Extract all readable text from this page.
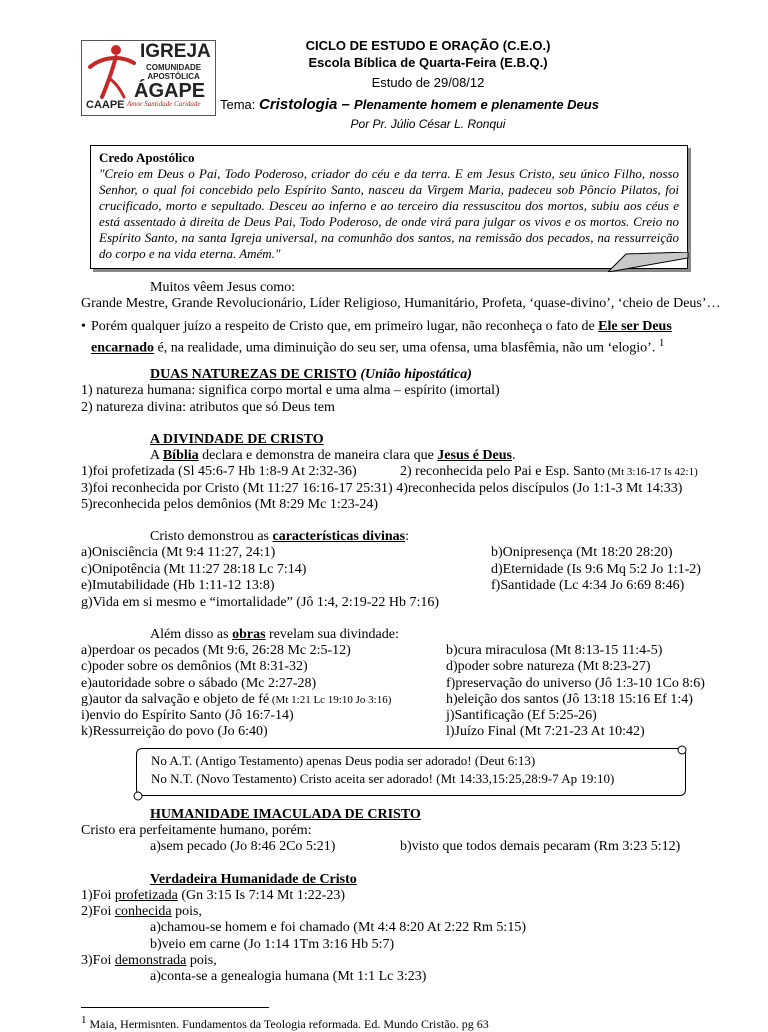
IGREJA
COMUNIDADE
APOSTÓLICA
ÁGAPE
CAAPE Amor Santidade Caridade
CICLO DE ESTUDO E ORAÇÃO (C.E.O.)
Escola Bíblica de Quarta-Feira (E.B.Q.)
Estudo de 29/08/12
Tema: Cristologia – Plenamente homem e plenamente Deus
Por Pr. Júlio César L. Ronqui
Credo Apostólico
"Creio em Deus o Pai, Todo Poderoso, criador do céu e da terra. E em Jesus Cristo, seu único Filho, nosso Senhor, o qual foi concebido pelo Espírito Santo, nasceu da Virgem Maria, padeceu sob Pôncio Pilatos, foi crucificado, morto e sepultado. Desceu ao inferno e ao terceiro dia ressuscitou dos mortos, subiu aos céus e está assentado à direita de Deus Pai, Todo Poderoso, de onde virá para julgar os vivos e os mortos. Creio no Espírito Santo, na santa Igreja universal, na comunhão dos santos, na remissão dos pecados, na ressurreição do corpo e na vida eterna. Amém."
Muitos vêem Jesus como:
Grande Mestre, Grande Revolucionário, Líder Religioso, Humanitário, Profeta, ‘quase-divino’, ‘cheio de Deus’…
• Porém qualquer juízo a respeito de Cristo que, em primeiro lugar, não reconheça o fato de Ele ser Deus
encarnado é, na realidade, uma diminuição do seu ser, uma ofensa, uma blasfêmia, não um ‘elogio’. $^1$
DUAS NATUREZAS DE CRISTO (União hipostática)
1) natureza humana: significa corpo mortal e uma alma – espírito (imortal)
2) natureza divina: atributos que só Deus tem
A DIVINDADE DE CRISTO
A Bíblia declara e demonstra de maneira clara que Jesus é Deus.
1)foi profetizada (Sl 45:6-7 Hb 1:8-9 At 2:32-36)	2) reconhecida pelo Pai e Esp. Santo (Mt 3:16-17 Is 42:1)
3)foi reconhecida por Cristo (Mt 11:27 16:16-17 25:31) 4)reconhecida pelos discípulos (Jo 1:1-3 Mt 14:33)
5)reconhecida pelos demônios (Mt 8:29 Mc 1:23-24)
Cristo demonstrou as características divinas:
a)Onisciência (Mt 9:4 11:27, 24:1)	b)Onipresença (Mt 18:20 28:20)
c)Onipotência (Mt 11:27 28:18 Lc 7:14)	d)Eternidade (Is 9:6 Mq 5:2 Jo 1:1-2)
e)Imutabilidade (Hb 1:11-12 13:8)	f)Santidade (Lc 4:34 Jo 6:69 8:46)
g)Vida em si mesmo e “imortalidade” (Jô 1:4, 2:19-22 Hb 7:16)
Além disso as obras revelam sua divindade:
a)perdoar os pecados (Mt 9:6, 26:28 Mc 2:5-12)	b)cura miraculosa (Mt 8:13-15 11:4-5)
c)poder sobre os demônios (Mt 8:31-32)	d)poder sobre natureza (Mt 8:23-27)
e)autoridade sobre o sábado (Mc 2:27-28)	f)preservação do universo (Jô 1:3-10 1Co 8:6)
g)autor da salvação e objeto de fé (Mt 1:21 Lc 19:10 Jo 3:16)	h)eleição dos santos (Jô 13:18 15:16 Ef 1:4)
i)envio do Espírito Santo (Jô 16:7-14)	j)Santificação (Ef 5:25-26)
k)Ressurreição do povo (Jo 6:40)	l)Juízo Final (Mt 7:21-23 At 10:42)
No A.T. (Antigo Testamento) apenas Deus podia ser adorado! (Deut 6:13)
No N.T. (Novo Testamento) Cristo aceita ser adorado! (Mt 14:33,15:25,28:9-7 Ap 19:10)
HUMANIDADE IMACULADA DE CRISTO
Cristo era perfeitamente humano, porém:
a)sem pecado (Jo 8:46 2Co 5:21)	b)visto que todos demais pecaram (Rm 3:23 5:12)
Verdadeira Humanidade de Cristo
1)Foi profetizada (Gn 3:15 Is 7:14 Mt 1:22-23)
2)Foi conhecida pois,
a)chamou-se homem e foi chamado (Mt 4:4 8:20 At 2:22 Rm 5:15)
b)veio em carne (Jo 1:14 1Tm 3:16 Hb 5:7)
3)Foi demonstrada pois,
a)conta-se a genealogia humana (Mt 1:1 Lc 3:23)
$^1$ Maia, Hermisnten. Fundamentos da Teologia reformada. Ed. Mundo Cristão. pg 63
